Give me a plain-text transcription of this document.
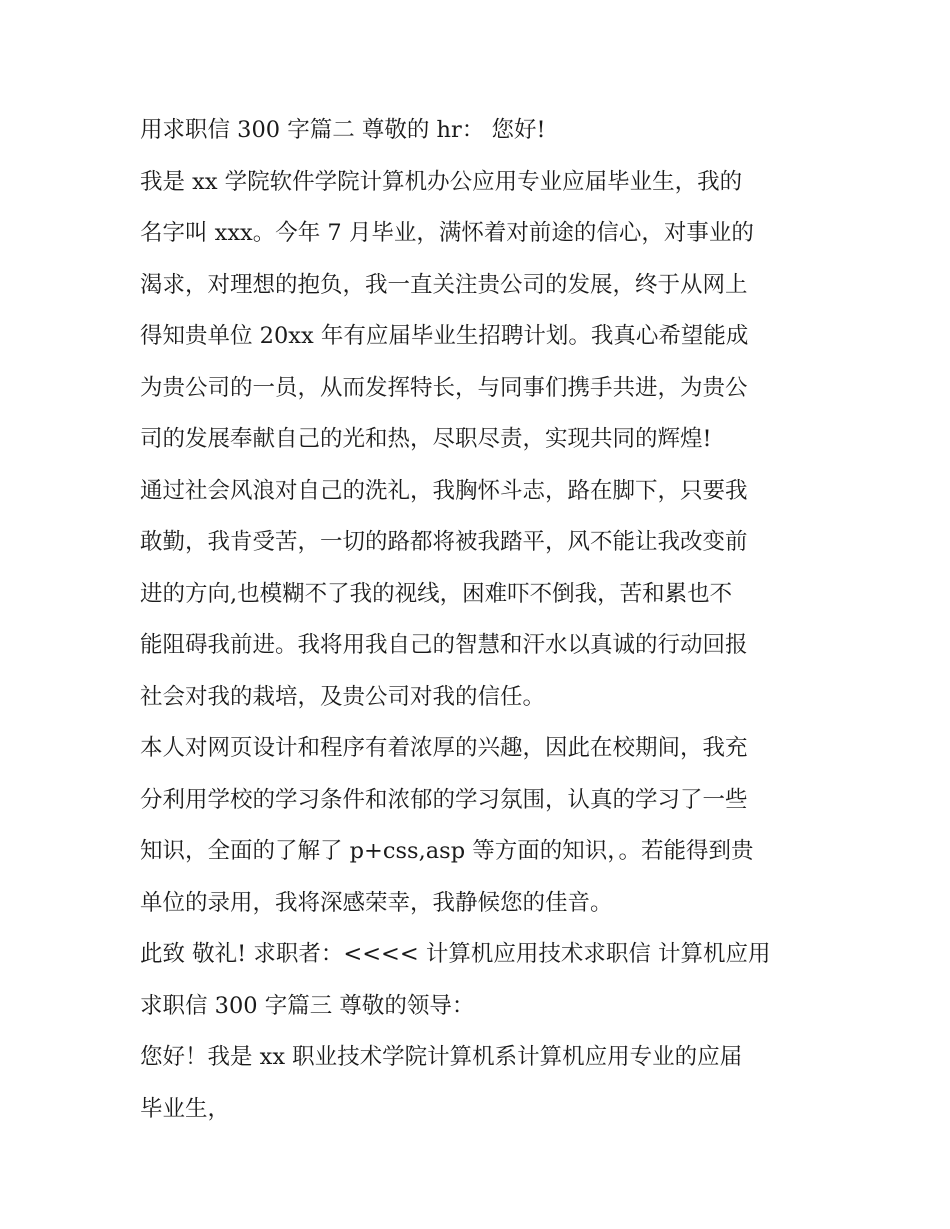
用求职信 300 字篇二 尊敬的 hr： 您好!
我是 xx 学院软件学院计算机办公应用专业应届毕业生，我的
名字叫 xxx。今年 7 月毕业，满怀着对前途的信心，对事业的
渴求，对理想的抱负，我一直关注贵公司的发展，终于从网上
得知贵单位 20xx 年有应届毕业生招聘计划。我真心希望能成
为贵公司的一员，从而发挥特长，与同事们携手共进，为贵公
司的发展奉献自己的光和热，尽职尽责，实现共同的辉煌!
通过社会风浪对自己的洗礼，我胸怀斗志，路在脚下，只要我
敢勤，我肯受苦，一切的路都将被我踏平，风不能让我改变前
进的方向,也模糊不了我的视线，困难吓不倒我，苦和累也不
能阻碍我前进。我将用我自己的智慧和汗水以真诚的行动回报
社会对我的栽培，及贵公司对我的信任。
本人对网页设计和程序有着浓厚的兴趣，因此在校期间，我充
分利用学校的学习条件和浓郁的学习氛围，认真的学习了一些
知识，全面的了解了 p+css,asp 等方面的知识，。若能得到贵
单位的录用，我将深感荣幸，我静候您的佳音。
此致 敬礼! 求职者：<<<< 计算机应用技术求职信 计算机应用
求职信 300 字篇三 尊敬的领导：
您好！我是 xx 职业技术学院计算机系计算机应用专业的应届
毕业生，
